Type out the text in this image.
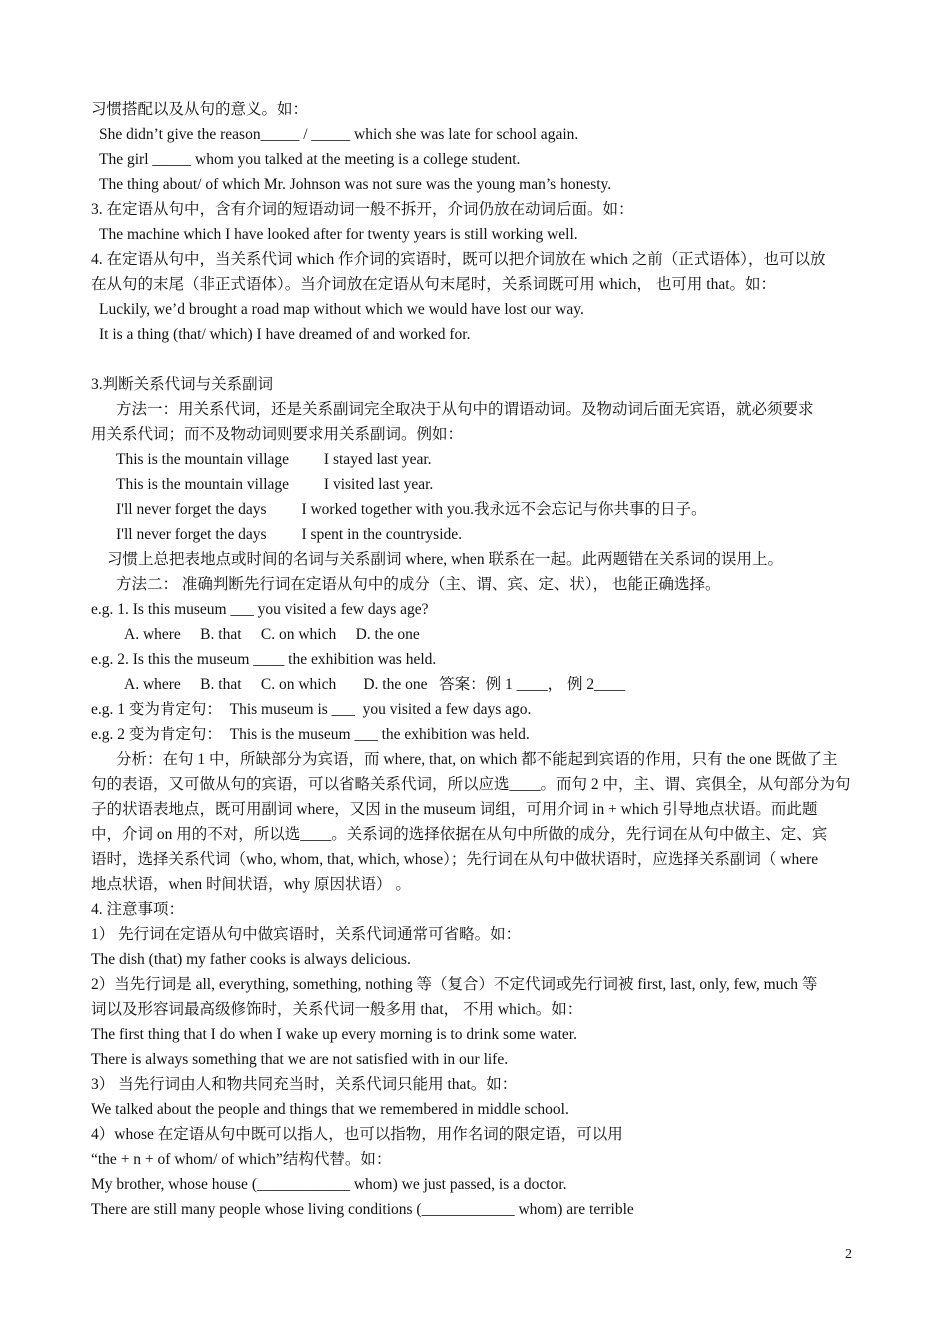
习惯搭配以及从句的意义。如：
She didn’t give the reason_____ / _____ which she was late for school again.
The girl _____ whom you talked at the meeting is a college student.
The thing about/ of which Mr. Johnson was not sure was the young man’s honesty.
3. 在定语从句中，含有介词的短语动词一般不拆开，介词仍放在动词后面。如：
The machine which I have looked after for twenty years is still working well.
4. 在定语从句中，当关系代词 which 作介词的宾语时，既可以把介词放在 which 之前（正式语体），也可以放
在从句的末尾（非正式语体）。当介词放在定语从句末尾时，关系词既可用 which， 也可用 that。如：
Luckily, we’d brought a road map without which we would have lost our way.
It is a thing (that/ which) I have dreamed of and worked for.
3.判断关系代词与关系副词
方法一：用关系代词，还是关系副词完全取决于从句中的谓语动词。及物动词后面无宾语，就必须要求
用关系代词；而不及物动词则要求用关系副词。例如：
This is the mountain village         I stayed last year.
This is the mountain village         I visited last year.
I'll never forget the days         I worked together with you.我永远不会忘记与你共事的日子。
I'll never forget the days         I spent in the countryside.
习惯上总把表地点或时间的名词与关系副词 where, when 联系在一起。此两题错在关系词的误用上。
方法二： 准确判断先行词在定语从句中的成分（主、谓、宾、定、状）， 也能正确选择。
e.g. 1. Is this museum ___ you visited a few days age?
A. where     B. that     C. on which     D. the one
e.g. 2. Is this the museum ____ the exhibition was held.
A. where     B. that     C. on which       D. the one   答案：例 1 ____， 例 2____
e.g. 1 变为肯定句：  This museum is ___  you visited a few days ago.
e.g. 2 变为肯定句：  This is the museum ___ the exhibition was held.
分析：在句 1 中，所缺部分为宾语，而 where, that, on which 都不能起到宾语的作用，只有 the one 既做了主
句的表语，又可做从句的宾语，可以省略关系代词，所以应选____。而句 2 中，主、谓、宾俱全，从句部分为句
子的状语表地点，既可用副词 where，又因 in the museum 词组，可用介词 in + which 引导地点状语。而此题
中，介词 on 用的不对，所以选____。关系词的选择依据在从句中所做的成分，先行词在从句中做主、定、宾
语时，选择关系代词（who, whom, that, which, whose）；先行词在从句中做状语时，应选择关系副词（ where
地点状语，when 时间状语，why 原因状语） 。
4. 注意事项：
1） 先行词在定语从句中做宾语时，关系代词通常可省略。如：
The dish (that) my father cooks is always delicious.
2）当先行词是 all, everything, something, nothing 等（复合）不定代词或先行词被 first, last, only, few, much 等
词以及形容词最高级修饰时，关系代词一般多用 that， 不用 which。如：
The first thing that I do when I wake up every morning is to drink some water.
There is always something that we are not satisfied with in our life.
3） 当先行词由人和物共同充当时，关系代词只能用 that。如：
We talked about the people and things that we remembered in middle school.
4）whose 在定语从句中既可以指人，也可以指物，用作名词的限定语，可以用
“the + n + of whom/ of which”结构代替。如：
My brother, whose house (____________ whom) we just passed, is a doctor.
There are still many people whose living conditions (____________ whom) are terrible
2
